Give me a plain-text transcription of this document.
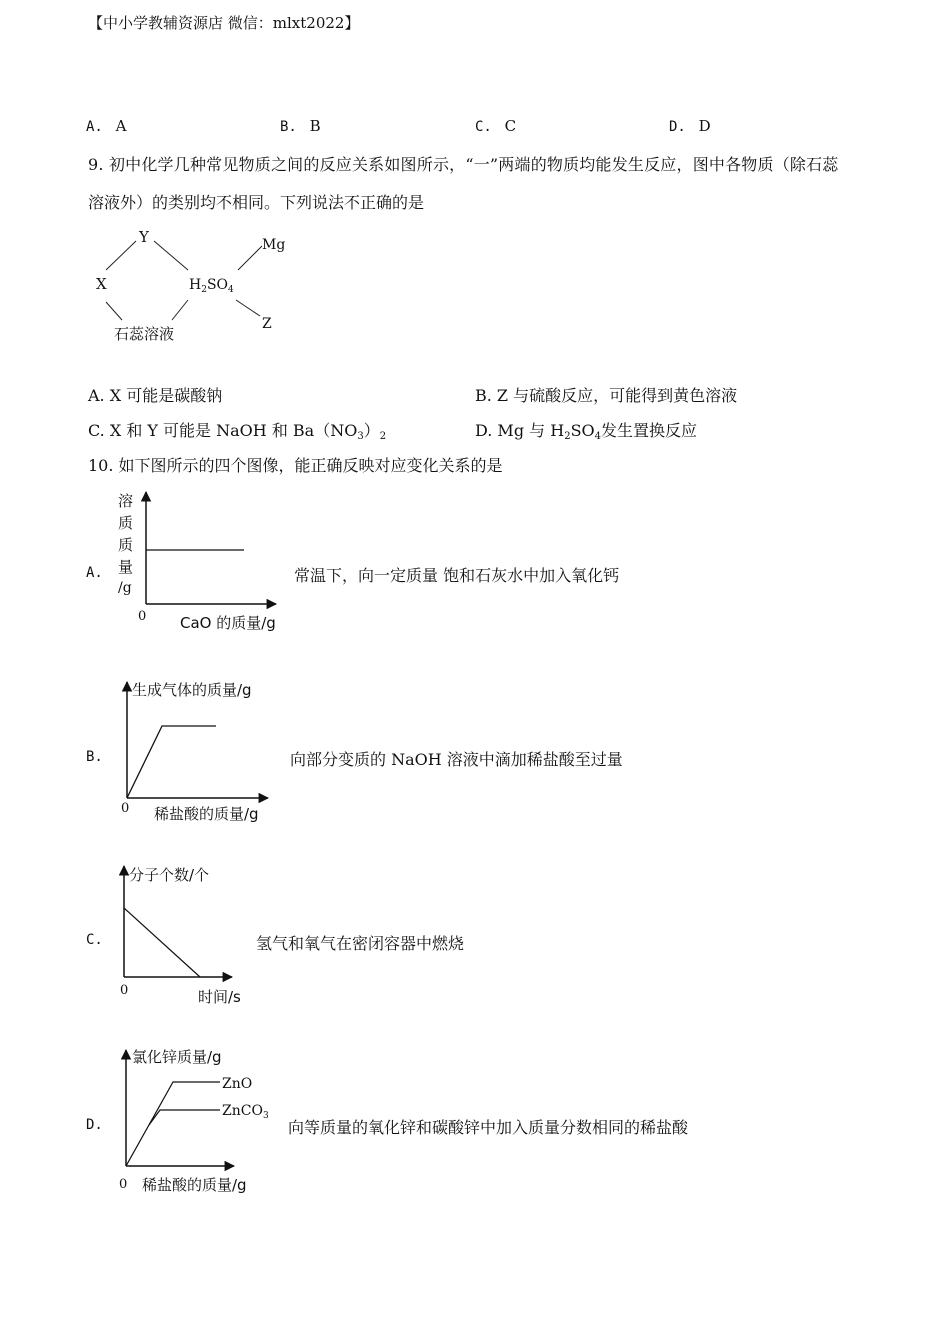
【中小学教辅资源店 微信：mlxt2022】
A. A	B. B	C. C	D. D
9. 初中化学几种常见物质之间的反应关系如图所示，“一”两端的物质均能发生反应，图中各物质（除石蕊
溶液外）的类别均不相同。下列说法不正确的是
Y
X
Mg
Z
$H_2SO_4$
石蕊溶液
A. X 可能是碳酸钠	B. Z 与硫酸反应，可能得到黄色溶液
C. X 和 Y 可能是 NaOH 和 $Ba(NO_3)_2$	D. Mg 与 $H_2SO_4$发生置换反应
10. 如下图所示的四个图像，能正确反映对应变化关系的是
A.
溶
质
质
量
/g
0 CaO 的质量/g
常温下，向一定质量 饱和石灰水中加入氧化钙
B.
生成气体的质量/g
0 稀盐酸的质量/g
向部分变质的 NaOH 溶液中滴加稀盐酸至过量
C.
分子个数/个
0	时间/s
氢气和氧气在密闭容器中燃烧
D.
氯化锌质量/g
ZnO
ZnCO$_3$
0 稀盐酸的质量/g
向等质量的氧化锌和碳酸锌中加入质量分数相同的稀盐酸
